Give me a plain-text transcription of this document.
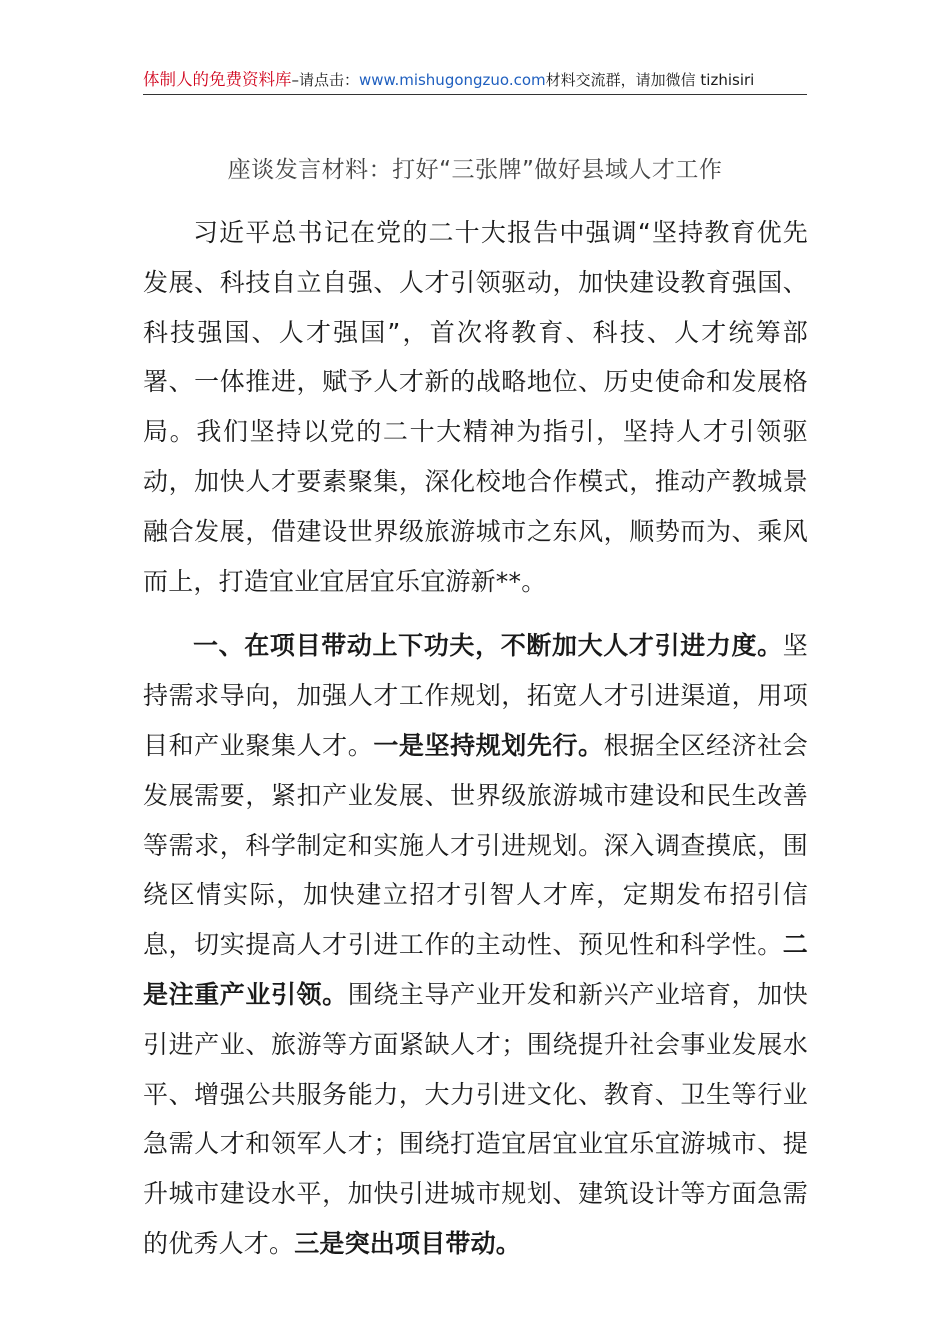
体制人的免费资料库–请点击：www.mishugongzuo.com材料交流群，请加微信 tizhisiri
座谈发言材料：打好“三张牌”做好县域人才工作

习近平总书记在党的二十大报告中强调“坚持教育优先发展、科技自立自强、人才引领驱动，加快建设教育强国、科技强国、人才强国”，首次将教育、科技、人才统筹部署、一体推进，赋予人才新的战略地位、历史使命和发展格局。我们坚持以党的二十大精神为指引，坚持人才引领驱动，加快人才要素聚集，深化校地合作模式，推动产教城景融合发展，借建设世界级旅游城市之东风，顺势而为、乘风而上，打造宜业宜居宜乐宜游新**。

一、在项目带动上下功夫，不断加大人才引进力度。坚持需求导向，加强人才工作规划，拓宽人才引进渠道，用项目和产业聚集人才。一是坚持规划先行。根据全区经济社会发展需要，紧扣产业发展、世界级旅游城市建设和民生改善等需求，科学制定和实施人才引进规划。深入调查摸底，围绕区情实际，加快建立招才引智人才库，定期发布招引信息，切实提高人才引进工作的主动性、预见性和科学性。二是注重产业引领。围绕主导产业开发和新兴产业培育，加快引进产业、旅游等方面紧缺人才；围绕提升社会事业发展水平、增强公共服务能力，大力引进文化、教育、卫生等行业急需人才和领军人才；围绕打造宜居宜业宜乐宜游城市、提升城市建设水平，加快引进城市规划、建筑设计等方面急需的优秀人才。三是突出项目带动。
